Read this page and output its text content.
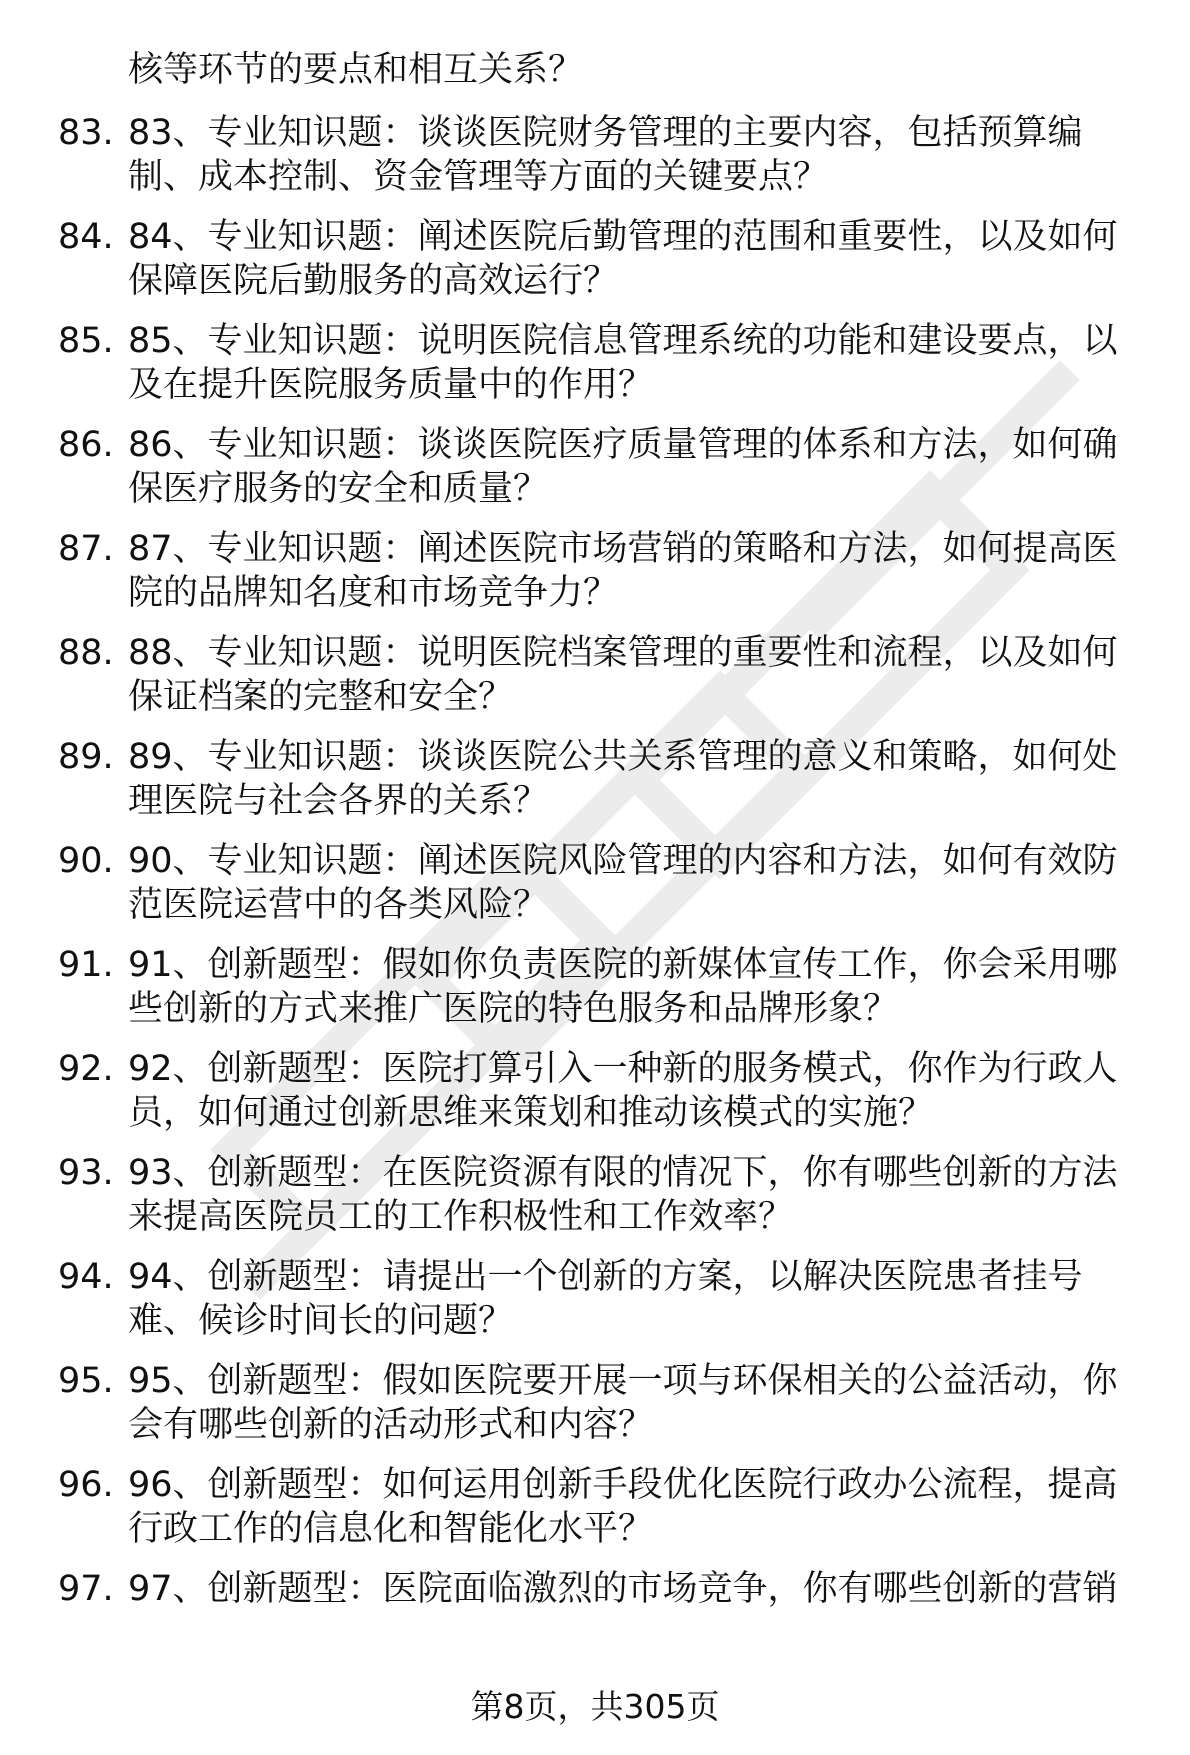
核等环节的要点和相互关系？
83. 83、专业知识题：谈谈医院财务管理的主要内容，包括预算编
制、成本控制、资金管理等方面的关键要点？
84. 84、专业知识题：阐述医院后勤管理的范围和重要性，以及如何
保障医院后勤服务的高效运行？
85. 85、专业知识题：说明医院信息管理系统的功能和建设要点，以
及在提升医院服务质量中的作用？
86. 86、专业知识题：谈谈医院医疗质量管理的体系和方法，如何确
保医疗服务的安全和质量？
87. 87、专业知识题：阐述医院市场营销的策略和方法，如何提高医
院的品牌知名度和市场竞争力？
88. 88、专业知识题：说明医院档案管理的重要性和流程，以及如何
保证档案的完整和安全？
89. 89、专业知识题：谈谈医院公共关系管理的意义和策略，如何处
理医院与社会各界的关系？
90. 90、专业知识题：阐述医院风险管理的内容和方法，如何有效防
范医院运营中的各类风险？
91. 91、创新题型：假如你负责医院的新媒体宣传工作，你会采用哪
些创新的方式来推广医院的特色服务和品牌形象？
92. 92、创新题型：医院打算引入一种新的服务模式，你作为行政人
员，如何通过创新思维来策划和推动该模式的实施？
93. 93、创新题型：在医院资源有限的情况下，你有哪些创新的方法
来提高医院员工的工作积极性和工作效率？
94. 94、创新题型：请提出一个创新的方案，以解决医院患者挂号
难、候诊时间长的问题？
95. 95、创新题型：假如医院要开展一项与环保相关的公益活动，你
会有哪些创新的活动形式和内容？
96. 96、创新题型：如何运用创新手段优化医院行政办公流程，提高
行政工作的信息化和智能化水平？
97. 97、创新题型：医院面临激烈的市场竞争，你有哪些创新的营销
第8页，共305页
